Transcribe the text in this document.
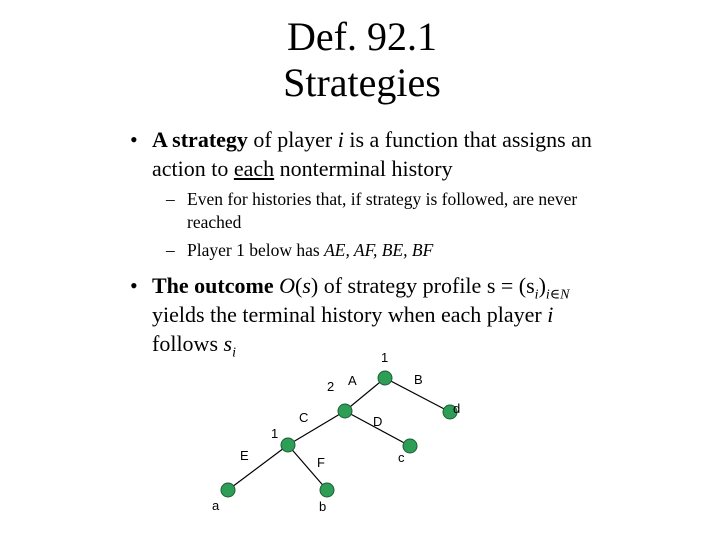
Def. 92.1
Strategies
• A strategy of player i is a function that assigns an
action to each nonterminal history
– Even for histories that, if strategy is followed, are never
reached
– Player 1 below has AE, AF, BE, BF
• The outcome O(s) of strategy profile $s = (s_i)_{i\in N}$
yields the terminal history when each player i
follows $s_i$	1
2
1
A	B
C	D
E	F
a	b
c
d
